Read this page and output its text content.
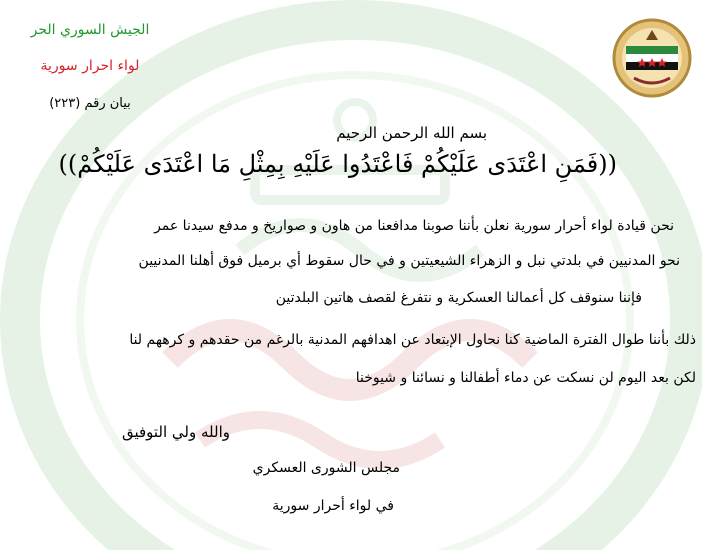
الجيش السوري الحر
لواء احرار سورية
بيان رقم (٢٢٣)
بسم الله الرحمن الرحيم
((فَمَنِ اعْتَدَى عَلَيْكُمْ فَاعْتَدُوا عَلَيْهِ بِمِثْلِ مَا اعْتَدَى عَلَيْكُمْ))
نحن قيادة لواء أحرار سورية نعلن بأننا صوبنا مدافعنا من هاون و صواريخ و مدفع سيدنا عمر
نحو المدنيين في بلدتي نبل و الزهراء الشيعيتين و في حال سقوط أي برميل فوق أهلنا المدنيين
فإننا سنوقف كل أعمالنا العسكرية و نتفرغ لقصف هاتين البلدتين
ذلك بأننا طوال الفترة الماضية كنا نحاول الإبتعاد عن اهدافهم المدنية بالرغم من حقدهم و كرههم لنا
لكن بعد اليوم لن نسكت عن دماء أطفالنا و نسائنا و شيوخنا
والله ولي التوفيق
مجلس الشورى العسكري
في لواء أحرار سورية
